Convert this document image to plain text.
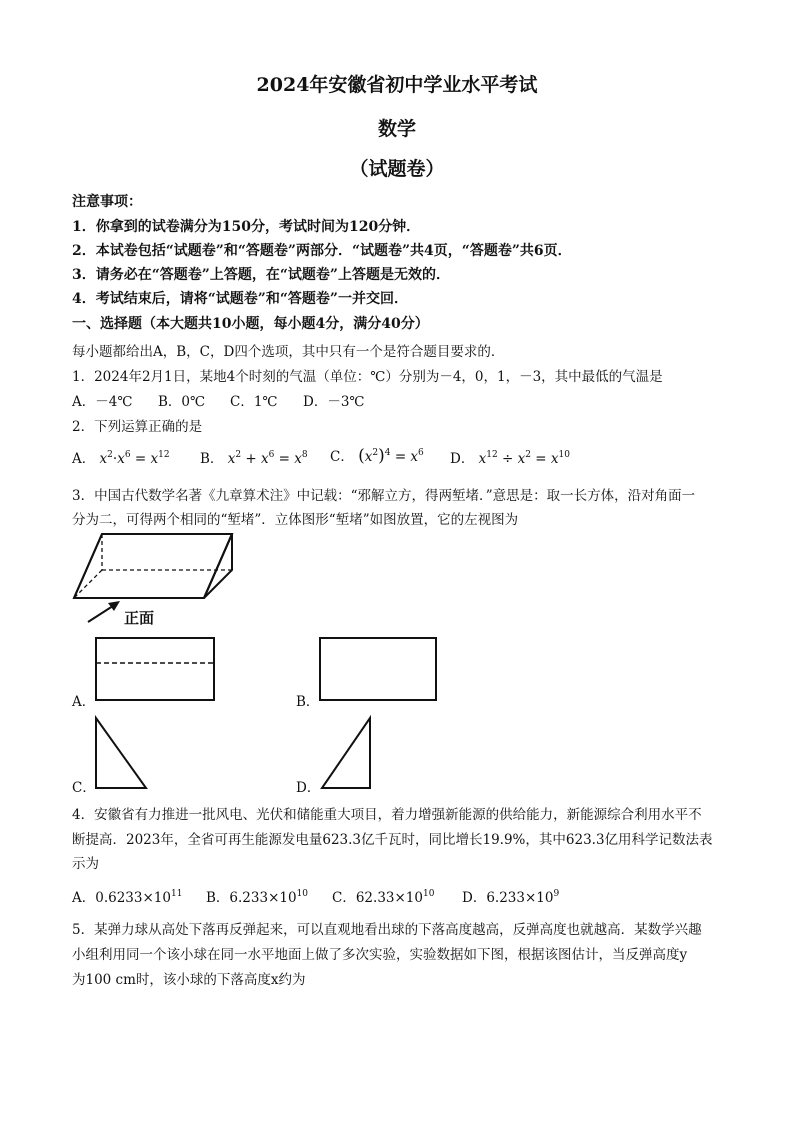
2024年安徽省初中学业水平考试
数学
（试题卷）
注意事项：
1．你拿到的试卷满分为150分，考试时间为120分钟．
2．本试卷包括“试题卷”和“答题卷”两部分．“试题卷”共4页，“答题卷”共6页．
3．请务必在“答题卷”上答题，在“试题卷”上答题是无效的．
4．考试结束后，请将“试题卷”和“答题卷”一并交回．
一、选择题（本大题共10小题，每小题4分，满分40分）
每小题都给出A，B，C，D四个选项，其中只有一个是符合题目要求的．
1．2024年2月1日，某地4个时刻的气温（单位：℃）分别为－4，0，1，－3，其中最低的气温是
A．－4℃ B．0℃ C．1℃ D．－3℃
2．下列运算正确的是
A． $x^2\cdot x^6 = x^{12}$ B． $x^2 + x^6 = x^8$ C． $(x^2)^4 = x^6$ D． $x^{12} \div x^2 = x^{10}$
3．中国古代数学名著《九章算术注》中记载：“邪解立方，得两堑堵．”意思是：取一长方体，沿对角面一
分为二，可得两个相同的“堑堵”．立体图形“堑堵”如图放置，它的左视图为
正面
A．	B．
C．	D．
4．安徽省有力推进一批风电、光伏和储能重大项目，着力增强新能源的供给能力，新能源综合利用水平不
断提高．2023年，全省可再生能源发电量623.3亿千瓦时，同比增长19.9%，其中623.3亿用科学记数法表
示为
A．$0.6233\times 10^{11}$ B．$6.233\times 10^{10}$ C．$62.33\times 10^{10}$ D．$6.233\times 10^9$
5．某弹力球从高处下落再反弹起来，可以直观地看出球的下落高度越高，反弹高度也就越高．某数学兴趣
小组利用同一个该小球在同一水平地面上做了多次实验，实验数据如下图，根据该图估计，当反弹高度y
为100 cm时，该小球的下落高度x约为
